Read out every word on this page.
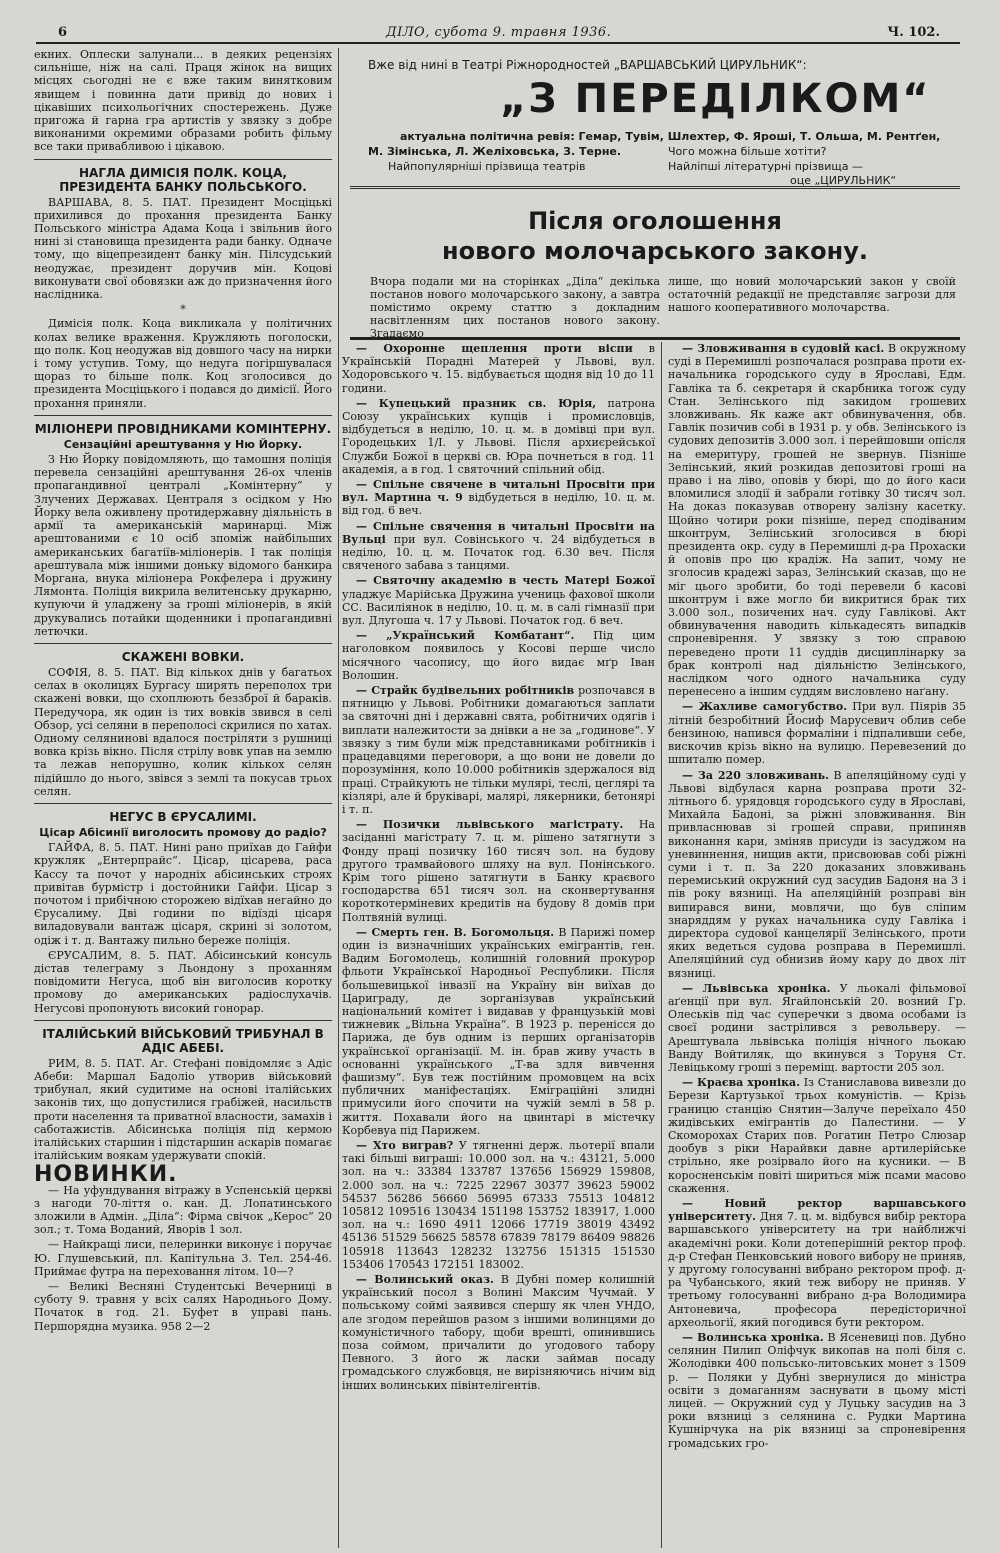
6	ДІЛО, субота 9. травня 1936.	Ч. 102.

екних. Оплески залунали... в деяких рецензіях сильніше, ніж на салі. Праця жінок на вищих місцях сьогодні не є вже таким винятковим явищем і повинна дати привід до нових і цікавіших психольогічних спостережень. Дуже пригожа й гарна гра артистів у звязку з добре виконаними окремими образами робить фільму все таки привабливою і цікавою.

НАГЛА ДИМІСІЯ ПОЛК. КОЦА, ПРЕЗИДЕНТА БАНКУ ПОЛЬСЬКОГО.

ВАРШАВА, 8. 5. ПАТ. Президент Мосціцькі прихилився до прохання президента Банку Польського міністра Адама Коца і звільнив його нині зі становища президента ради банку. Одначе тому, що віцепрезидент банку мін. Пілсудський неодужає, президент доручив мін. Коцові виконувати свої обовязки аж до призначення його наслідника.

*

Димісія полк. Коца викликала у політичних колах велике враження. Кружляють поголоски, що полк. Коц неодужав від довшого часу на нирки і тому уступив. Тому, що недуга погіршувалася щораз то більше полк. Коц зголосився до президента Мосціцького і подався до димісії. Його прохання приняли.

МІЛІОНЕРИ ПРОВІДНИКАМИ КОМІНТЕРНУ.
Сензаційні арештування у Ню Йорку.

З Ню Йорку повідомляють, що тамошня поліція перевела сензаційні арештування 26-ох членів пропагандивної централі „Комінтерну“ у Злучених Державах. Централя з осідком у Ню Йорку вела оживлену протидержавну діяльність в армії та американській маринарці. Між арештованими є 10 осіб зпоміж найбільших американських багатіїв-міліонерів. І так поліція арештувала між іншими доньку відомого банкира Моргана, внука міліонера Рокфелера і дружину Лямонта. Поліція викрила велитенську друкарню, купуючи й уладжену за гроші міліонерів, в якій друкувались потайки щоденники і пропагандивні летючки.

СКАЖЕНІ ВОВКИ.

СОФІЯ, 8. 5. ПАТ. Від кількох днів у багатьох селах в околицях Бургасу ширять переполох три скажені вовки, що схоплюють беззброї й бараків. Передучора, як один із тих вовків звився в селі Обзор, усі селяни в переполосі скрилися по хатах. Одному селянинові вдалося постріляти з рушниці вовка крізь вікно. Після стрілу вовк упав на землю та лежав непорушно, колик кількох селян підійшло до нього, звівся з землі та покусав трьох селян.

НЕГУС В ЄРУСАЛИМІ.
Цісар Абісинії виголосить промову до радіо?

ГАЙФА, 8. 5. ПАТ. Нині рано приїхав до Гайфи кружляк „Ентерпрайс“. Цісар, цісарева, раса Кассу та почот у народніх абісинських строях привітав бурмістр і достойники Гайфи. Цісар з почотом і прибічною сторожею відїхав негайно до Єрусалиму. Дві години по відїзді цісаря виладовували вантаж цісаря, скрині зі золотом, одіж і т. д. Вантажу пильно береже поліція.

ЄРУСАЛИМ, 8. 5. ПАТ. Абісинський консуль дістав телеграму з Льондону з проханням повідомити Негуса, щоб він виголосив коротку промову до американських радіослухачів. Негусові пропонують високий гонорар.

ІТАЛІЙСЬКИЙ ВІЙСЬКОВИЙ ТРИБУНАЛ В АДІС АБЕБІ.

РИМ, 8. 5. ПАТ. Аг. Стефані повідомляє з Адіс Абеби: Маршал Бадоліо утворив військовий трибунал, який судитиме на основі італійських законів тих, що допустилися грабіжей, насильств проти населення та приватної власности, замахів і саботажистів. Абісинська поліція під кермою італійських старшин і підстаршин аскарів помагає італійським воякам удержувати спокій.

НОВИНКИ.

— На уфундування вітражу в Успенській церкві з нагоди 70-ліття о. кан. Д. Лопатинського зложили в Адмін. „Діла“: Фірма свічок „Керос“ 20 зол.; т. Тома Воданий, Яворів 1 зол.

— Найкращі лиси, пелеринки виконує і поручає Ю. Глушевський, пл. Капітульна 3. Тел. 254-46. Приймає футра на переховання літом. 10—?

— Великі Весняні Студентські Вечерниці в суботу 9. травня у всіх салях Народнього Дому. Початок в год. 21. Буфет в управі пань. Першорядна музика. 958 2—2

Вже від нині в Театрі Ріжнородностей „ВАРШАВСЬКИЙ ЦИРУЛЬНИК“:
„З ПЕРЕДІЛКОМ“
актуальна політична ревія: Гемар, Тувім, Шлехтер, Ф. Яроші, Т. Ольша, М. Рентґен,
М. Зімінська, Л. Желіховська, З. Терне.
Найпопулярніші прізвища театрів
Чого можна більше хотіти?
Найліпші літературні прізвища —
оце „ЦИРУЛЬНИК“
Після оголошення
нового молочарського закону.
Вчора подали ми на сторінках „Діла“ декілька постанов нового молочарського закону, а завтра помістимо окрему статтю з докладним насвітленням цих постанов нового закону. Згадаємо
лише, що новий молочарський закон у своїй остаточній редакції не представляє загрози для нашого кооперативного молочарства.

— Охоронне щеплення проти віспи в Українській Порадні Матерей у Львові, вул. Ходоровського ч. 15. відбувається щодня від 10 до 11 години.

— Купецький празник св. Юрія, патрона Союзу українських купців і промисловців, відбудеться в неділю, 10. ц. м. в домівці при вул. Городецьких 1/І. у Львові. Після архиєрейської Служби Божої в церкві св. Юра почнеться в год. 11 академія, а в год. 1 святочний спільний обід.

— Спільне свячене в читальні Просвіти при вул. Мартина ч. 9 відбудеться в неділю, 10. ц. м. від год. 6 веч.

— Спільне свячення в читальні Просвіти на Вульці при вул. Совінського ч. 24 відбудеться в неділю, 10. ц. м. Початок год. 6.30 веч. Після свяченого забава з танцями.

— Святочну академію в честь Матері Божої уладжує Марійська Дружина учениць фахової школи СС. Василіянок в неділю, 10. ц. м. в салі гімназії при вул. Длугоша ч. 17 у Львові. Початок год. 6 веч.

— „Український Комбатант“. Під цим наголовком появилось у Косові перше число місячного часопису, що його видає мґр Іван Волошин.

— Страйк будівельних робітників розпочався в пятницю у Львові. Робітники домагаються заплати за святочні дні і державні свята, робітничих одягів і виплати належитости за днівки а не за „годинове“. У звязку з тим були між представниками робітників і працедавцями переговори, а що вони не довели до порозуміння, коло 10.000 робітників здержалося від праці. Страйкують не тільки мулярі, теслі, цеглярі та кізлярі, але й бруківарі, малярі, лякерники, бетонярі і т. п.

— Позички львівського магістрату. На засіданні магістрату 7. ц. м. рішено затягнути з Фонду праці позичку 160 тисяч зол. на будову другого трамвайового шляху на вул. Понінського. Крім того рішено затягнути в Банку краєвого господарства 651 тисяч зол. на сконвертування короткотерміневих кредитів на будову 8 домів при Полтвяній вулиці.

— Смерть ген. В. Богомольця. В Парижі помер один із визначніших українських емігрантів, ген. Вадим Богомолець, колишній головний прокурор фльоти Української Народньої Республики. Після большевицької інвазії на Україну він виїхав до Цариграду, де зорганізував український національний комітет і видавав у французькій мові тижневик „Вільна Україна“. В 1923 р. перенісся до Парижа, де був одним із перших організаторів української організації. М. ін. брав живу участь в основанні українського „Т-ва здля вивчення фашизму“. Був теж постійним промовцем на всіх публичних маніфестаціях. Еміграційні злидні примусили його спочити на чужій землі в 58 р. життя. Похавали його на цвинтарі в містечку Корбевуа під Парижем.

— Хто виграв? У тягненні держ. льотерії впали такі більші виграші: 10.000 зол. на ч.: 43121, 5.000 зол. на ч.: 33384 133787 137656 156929 159808, 2.000 зол. на ч.: 7225 22967 30377 39623 59002 54537 56286 56660 56995 67333 75513 104812 105812 109516 130434 151198 153752 183917, 1.000 зол. на ч.: 1690 4911 12066 17719 38019 43492 45136 51529 56625 58578 67839 78179 86409 98826 105918 113643 128232 132756 151315 151530 153406 170543 172151 183002.

— Волинський оказ. В Дубні помер колишній український посол з Волині Максим Чучмай. У польському соймі заявився спершу як член УНДО, але згодом перейшов разом з іншими волинцями до комуністичного табору, щоби врешті, опинившись поза соймом, причалити до угодового табору Певного. З його ж ласки займав посаду громадського службовця, не вирізняючись нічим від інших волинських півінтелігентів.

— Зловживання в судовій касі. В окружному суді в Перемишлі розпочалася розправа проти ех-начальника городського суду в Ярославі, Едм. Гавліка та б. секретаря й скарбника тогож суду Стан. Зелінського під закидом грошевих зловживань. Як каже акт обвинувачення, обв. Гавлік позичив собі в 1931 р. у обв. Зелінського із судових депозитів 3.000 зол. і перейшовши опісля на емеритуру, грошей не звернув. Пізніше Зелінський, який розкидав депозитові гроші на право і на ліво, оповів у бюрі, що до його каси вломилися злодії й забрали готівку 30 тисяч зол. На доказ показував отворену залізну касетку. Щойно чотири роки пізніше, перед сподіваним шконтрум, Зелінський зголосився в бюрі президента окр. суду в Перемишлі д-ра Прохаски й оповів про цю крадіж. На запит, чому не зголосив крадежі зараз, Зелінський сказав, що не міг цього зробити, бо тоді перевели б касові шконтрум і вже могло би викритися брак тих 3.000 зол., позичених нач. суду Гавлікові. Акт обвинувачення наводить кількадесять випадків спроневірення. У звязку з тою справою переведено проти 11 суддів дисциплінарку за брак контролі над діяльністю Зелінського, наслідком чого одного начальника суду перенесено а іншим суддям висловлено наґану.

— Жахливе самогубство. При вул. Піярів 35 літній безробітний Йосиф Марусевич облив себе бензиною, напився формаліни і підпаливши себе, вискочив крізь вікно на вулицю. Перевезений до шпиталю помер.

— За 220 зловживань. В апеляційному суді у Львові відбулася карна розправа проти 32-літнього б. урядовця городського суду в Ярославі, Михайла Бадоні, за ріжні зловживання. Він привласнював зі грошей справи, припиняв виконання кари, зміняв присуди із засуджом на уневиннення, нищив акти, присвоював собі ріжні суми і т. п. За 220 доказаних зловживань перемиський окружний суд засудив Бадоня на 3 і пів року вязниці. На апеляційній розправі він випирався вини, мовлячи, що був сліпим знаряддям у руках начальника суду Гавліка і директора судової канцелярії Зелінського, проти яких ведеться судова розправа в Перемишлі. Апеляційний суд обнизив йому кару до двох літ вязниці.

— Львівська хроніка. У льокалі фільмової аґенції при вул. Ягайлонській 20. возний Гр. Олеськів під час суперечки з двома особами із своєї родини застрілився з револьверу. — Арештувала львівська поліція нічного льокаю Ванду Войтиляк, що вкинувся з Торуня Ст. Левіцькому гроші з переміщ. вартости 205 зол.

— Краєва хроніка. Із Станиславова вивезли до Берези Картузької трьох комуністів. — Крізь границю станцію Снятин—Залуче переїхало 450 жидівських емігрантів до Палестини. — У Скоморохах Старих пов. Рогатин Петро Слюзар дообув з ріки Нарайвки давне артилерійське стрільно, яке розірвало його на кусники. — В коросненськім повіті шириться між псами масово скаження.

— Новий ректор варшавського університету. Дня 7. ц. м. відбувся вибір ректора варшавського університету на три найближчі академічні роки. Коли дотеперішній ректор проф. д-р Стефан Пенковський нового вибору не приняв, у другому голосуванні вибрано ректором проф. д-ра Чубанського, який теж вибору не приняв. У третьому голосуванні вибрано д-ра Володимира Антоневича, професора передісторичної археольогії, який погодився бути ректором.

— Волинська хроніка. В Ясеневиці пов. Дубно селянин Пилип Оліфчук викопав на полі біля с. Жолодівки 400 польсько-литовських монет з 1509 р. — Поляки у Дубні звернулися до міністра освіти з домаганням заснувати в цьому місті лицей. — Окружний суд у Луцьку засудив на 3 роки вязниці з селянина с. Рудки Мартина Кушнірчука на рік вязниці за спроневірення громадських гро-
